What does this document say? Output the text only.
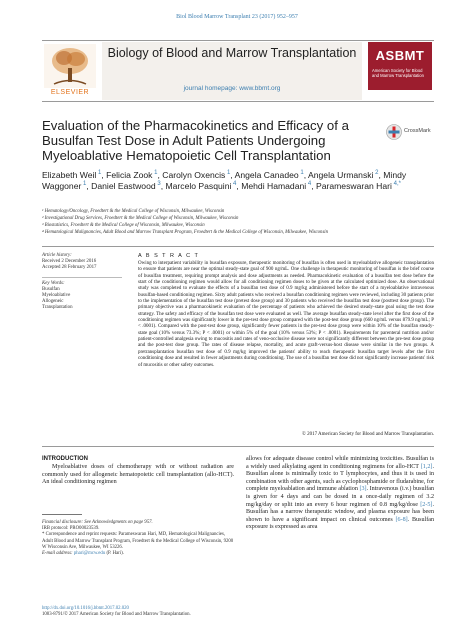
Biol Blood Marrow Transplant 23 (2017) 952–957
ELSEVIER
Biology of Blood and Marrow Transplantation
journal homepage: www.bbmt.org
ASBMT
American Society for Blood and Marrow Transplantation
Evaluation of the Pharmacokinetics and Efficacy of a Busulfan Test Dose in Adult Patients Undergoing Myeloablative Hematopoietic Cell Transplantation
CrossMark
Elizabeth Weil $^1$, Felicia Zook $^1$, Carolyn Oxencis $^1$, Angela Canadeo $^1$, Angela Urmanski $^2$, Mindy Waggoner $^1$, Daniel Eastwood $^3$, Marcelo Pasquini $^4$, Mehdi Hamadani $^4$, Parameswaran Hari $^{4,*}$
¹ Hematology/Oncology, Froedtert & the Medical College of Wisconsin, Milwaukee, Wisconsin
² Investigational Drug Services, Froedtert & the Medical College of Wisconsin, Milwaukee, Wisconsin
³ Biostatistics, Froedtert & the Medical College of Wisconsin, Milwaukee, Wisconsin
⁴ Hematological Malignancies, Adult Blood and Marrow Transplant Program, Froedtert & the Medical College of Wisconsin, Milwaukee, Wisconsin
Article history:
Received 2 December 2016
Accepted 28 February 2017
Key Words:
Busulfan
Myeloablative
Allogeneic
Transplantation
A B S T R A C T
Owing to interpatient variability in busulfan exposure, therapeutic monitoring of busulfan is often used in myeloablative allogeneic transplantation to ensure that patients are near the optimal steady-state goal of 900 ng/mL. One challenge in therapeutic monitoring of busulfan is the brief course of busulfan treatment, requiring prompt analysis and dose adjustments as needed. Pharmacokinetic evaluation of a busulfan test dose before the start of the conditioning regimen would allow for all conditioning regimen doses to be given at the calculated optimized dose. An observational study was completed to evaluate the effects of a busulfan test dose of 0.9 mg/kg administered before the start of a myeloablative intravenous busulfan-based conditioning regimen. Sixty adult patients who received a busulfan conditioning regimen were reviewed, including 30 patients prior to the implementation of the busulfan test dose (pretest dose group) and 30 patients who received the busulfan test dose (posttest dose group). The primary objective was a pharmacokinetic evaluation of the percentage of patients who achieved the desired steady-state goal using the test dose strategy. The safety and efficacy of the busulfan test dose were evaluated as well. The average busulfan steady-state level after the first dose of the conditioning regimen was significantly lower in the pre-test dose group compared with the post-test dose group (660 ng/mL versus 879.9 ng/mL; P < .0001). Compared with the post-test dose group, significantly fewer patients in the pre-test dose group were within 10% of the busulfan steady-state goal (10% versus 73.3%; P < .0001) or within 5% of the goal (10% versus 53%; P < .0001). Requirements for parenteral nutrition and/or patient-controlled analgesia owing to mucositis and rates of veno-occlusive disease were not significantly different between the pre-test dose group and the post-test dose group. The rates of disease relapse, mortality, and acute graft-versus-host disease were similar in the two groups. A pretransplantation busulfan test dose of 0.9 mg/kg improved the patients' ability to reach therapeutic busulfan target levels after the first conditioning dose and resulted in fewer adjustments during conditioning. The use of a busulfan test dose did not significantly increase patients' risk of mucositis or other safety outcomes.
© 2017 American Society for Blood and Marrow Transplantation.
INTRODUCTION
Myeloablative doses of chemotherapy with or without radiation are commonly used for allogeneic hematopoietic cell transplantation (allo-HCT). An ideal conditioning regimen
allows for adequate disease control while minimizing toxicities. Busulfan is a widely used alkylating agent in conditioning regimens for allo-HCT [1,2]. Busulfan alone is minimally toxic to T lymphocytes, and thus it is used in combination with other agents, such as cyclophosphamide or fludarabine, for complete myeloablation and immune ablation [3]. Intravenous (i.v.) busulfan is given for 4 days and can be dosed in a once-daily regimen of 3.2 mg/kg/day or split into an every 6 hour regimen of 0.8 mg/kg/dose [2-5]. Busulfan has a narrow therapeutic window, and plasma exposure has been shown to have a significant impact on clinical outcomes [6-8]. Busulfan exposure is expressed as area
Financial disclosure: See Acknowledgments on page 957.
IRB protocol: PRO00023539.
* Correspondence and reprint requests: Parameswaran Hari, MD, Hematological Malignancies, Adult Blood and Marrow Transplant Program, Froedtert & the Medical College of Wisconsin, 9200 W Wisconsin Ave, Milwaukee, WI 53226.
E-mail address: phari@mcw.edu (P. Hari).
http://dx.doi.org/10.1016/j.bbmt.2017.02.020
1083-8791/© 2017 American Society for Blood and Marrow Transplantation.
